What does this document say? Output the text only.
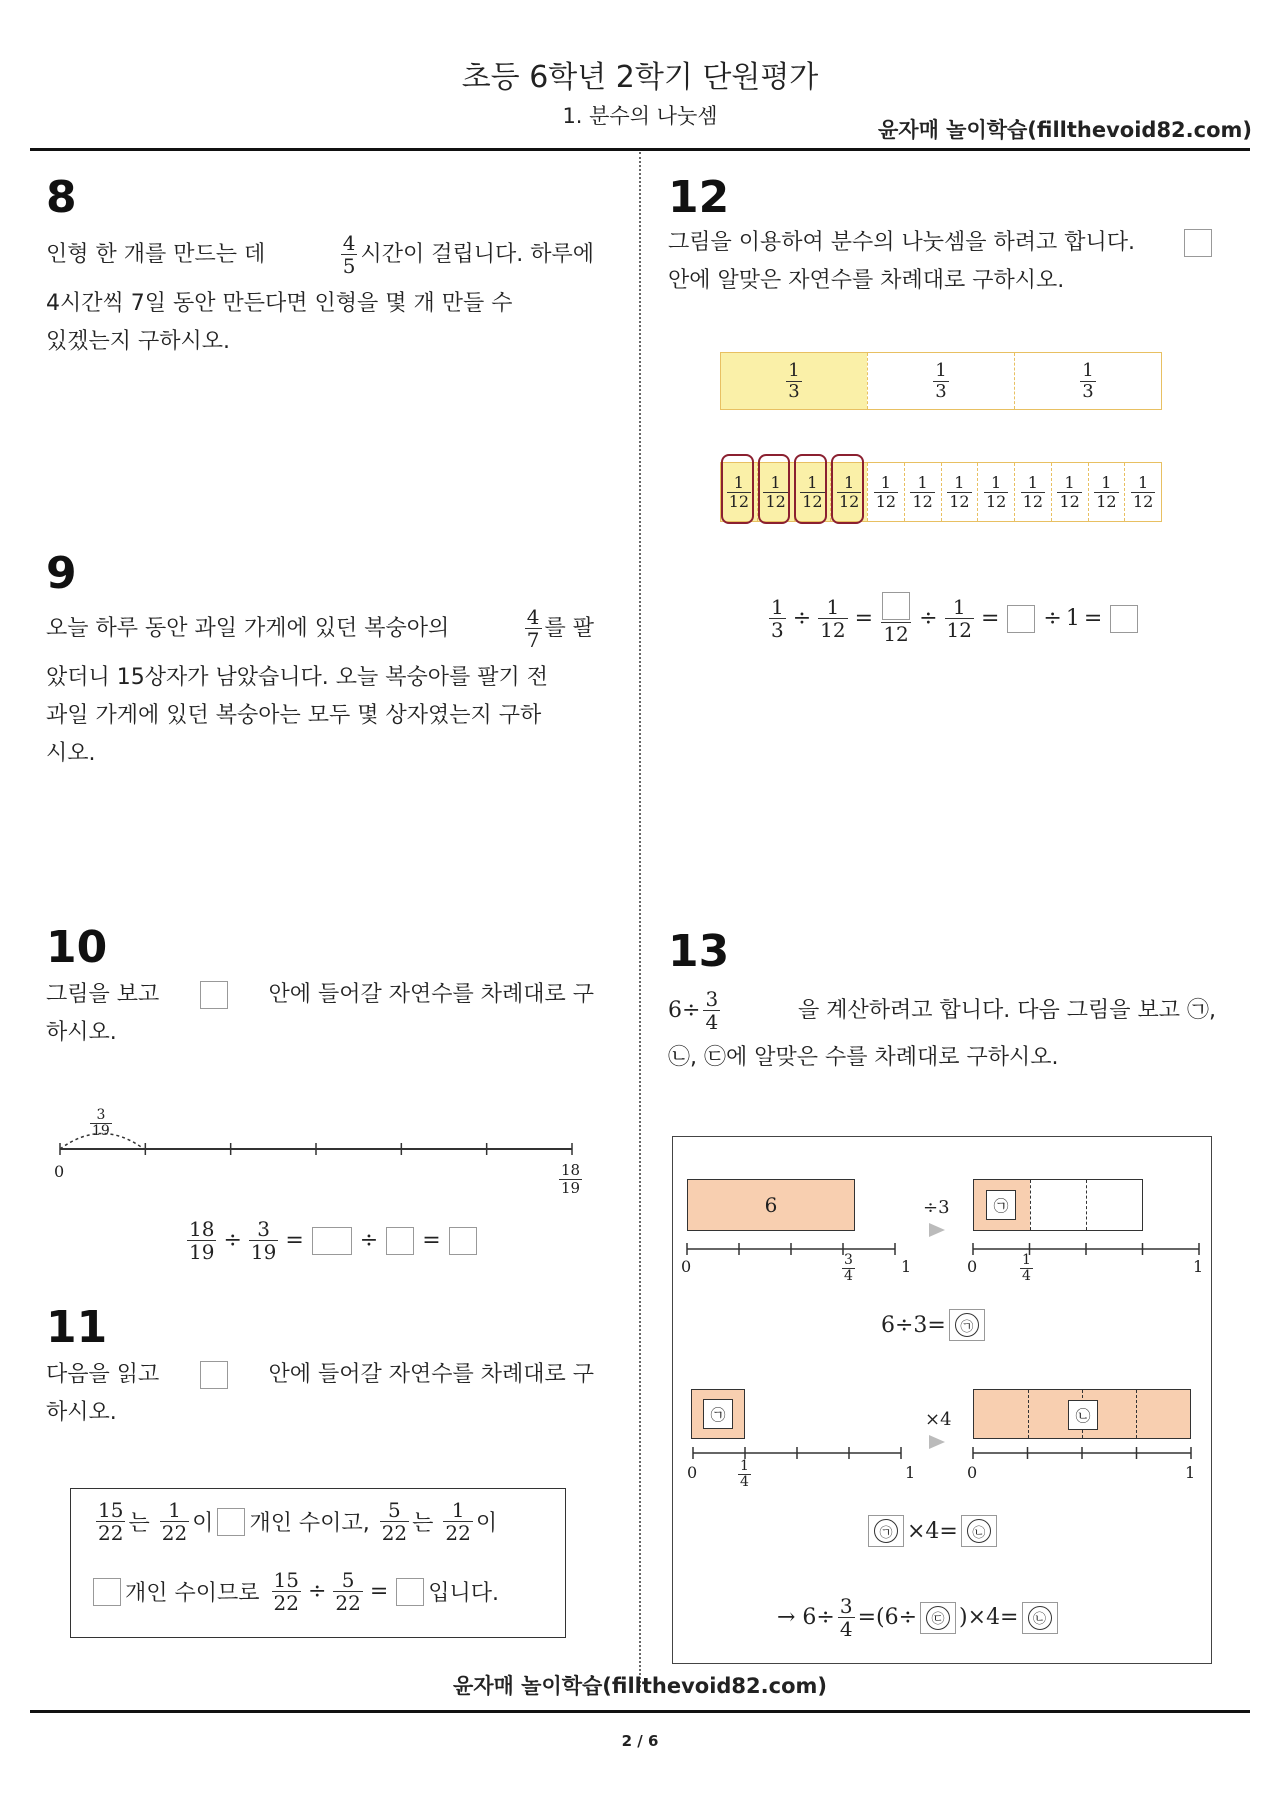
초등 6학년 2학기 단원평가
1. 분수의 나눗셈
윤자매 놀이학습(fillthevoid82.com)
8
인형 한 개를 만드는 데	$\frac{4}{5}$ 시간이 걸립니다. 하루에
4시간씩 7일 동안 만든다면 인형을 몇 개 만들 수
있겠는지 구하시오.
9
오늘 하루 동안 과일 가게에 있던 복숭아의	$\frac{4}{7}$ 를 팔
았더니 15상자가 남았습니다. 오늘 복숭아를 팔기 전
과일 가게에 있던 복숭아는 모두 몇 상자였는지 구하
시오.
10
그림을 보고	안에 들어갈 자연수를 차례대로 구
하시오.
$\frac{3}{19}$
0	$\frac{18}{19}$
$\frac{18}{19} \div \frac{3}{19}$ =	÷ =
11
다음을 읽고	안에 들어갈 자연수를 차례대로 구
하시오.
$\frac{15}{22}$ 는 $\frac{1}{22}$ 이 개인 수이고, $\frac{5}{22}$ 는 $\frac{1}{22}$ 이
개인 수이므로 $\frac{15}{22} \div \frac{5}{22}$ = 입니다.
12
그림을 이용하여 분수의 나눗셈을 하려고 합니다.
안에 알맞은 자연수를 차례대로 구하시오.
$\frac{1}{3}$	$\frac{1}{3}$	$\frac{1}{3}$
$\frac{1}{12} \frac{1}{12} \frac{1}{12} \frac{1}{12} \frac{1}{12} \frac{1}{12} \frac{1}{12} \frac{1}{12} \frac{1}{12} \frac{1}{12} \frac{1}{12} \frac{1}{12}$
$\frac{1}{3} \div \frac{1}{12}$ =
12
÷ $\frac{1}{12}$ = ÷ 1 =
13
$6\div \frac{3}{4}$	을 계산하려고 합니다. 다음 그림을 보고 ㉠,
㉡, ㉢에 알맞은 수를 차례대로 구하시오.
6
0	$\frac{3}{4}$	1
÷3	㉠
0	$\frac{1}{4}$	1
6÷3=	㉠
㉠
0	$\frac{1}{4}$	1
×4	㉡
0	1
㉠ ×4=	㉡
→ $6\div \frac{3}{4} =(6\div$	㉢ )×4=	㉡
윤자매 놀이학습(fillthevoid82.com)
2 / 6
